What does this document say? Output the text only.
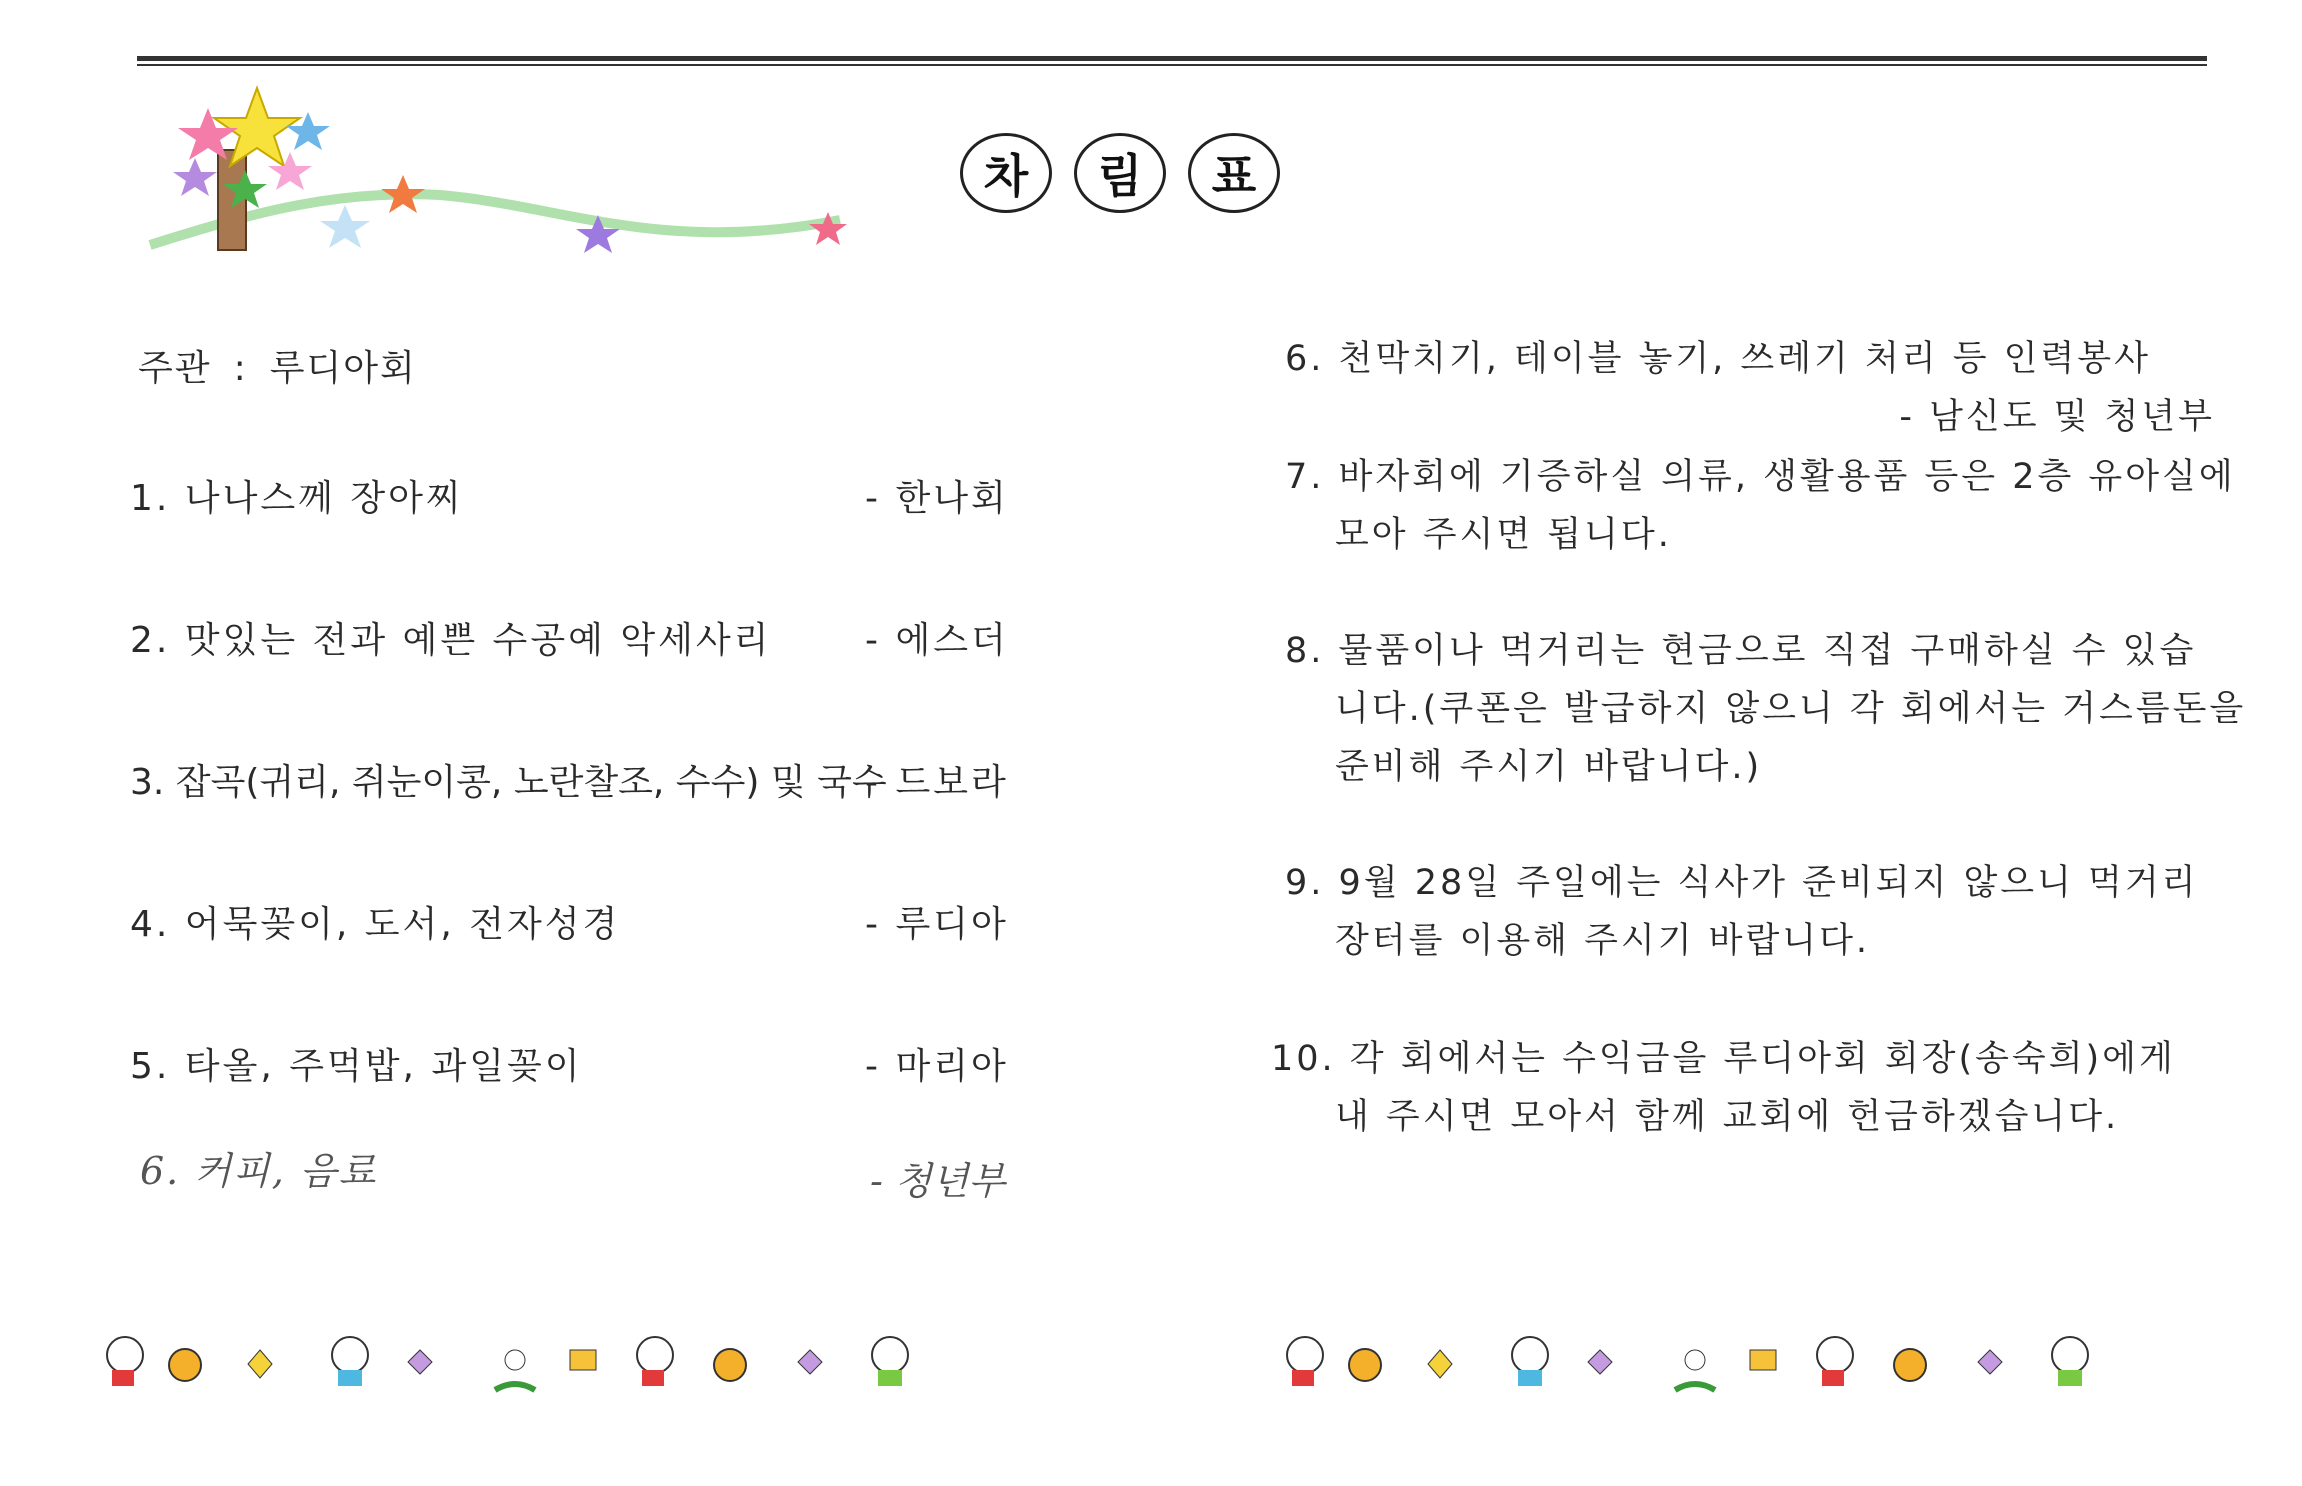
차	림	표
주관 : 루디아회
1. 나나스께 장아찌	- 한나회
2. 맛있는 전과 예쁜 수공예 악세사리	- 에스더
3. 잡곡(귀리, 쥐눈이콩, 노란찰조, 수수) 및 국수 - 드보라
4. 어묵꽂이, 도서, 전자성경	- 루디아
5. 타올, 주먹밥, 과일꽂이	- 마리아
6. 커피, 음료	- 청년부
6. 천막치기, 테이블 놓기, 쓰레기 처리 등 인력봉사
- 남신도 및 청년부
7. 바자회에 기증하실 의류, 생활용품 등은 2층 유아실에
모아 주시면 됩니다.
8. 물품이나 먹거리는 현금으로 직접 구매하실 수 있습
니다.(쿠폰은 발급하지 않으니 각 회에서는 거스름돈을
준비해 주시기 바랍니다.)
9. 9월 28일 주일에는 식사가 준비되지 않으니 먹거리
장터를 이용해 주시기 바랍니다.
10. 각 회에서는 수익금을 루디아회 회장(송숙희)에게
내 주시면 모아서 함께 교회에 헌금하겠습니다.
